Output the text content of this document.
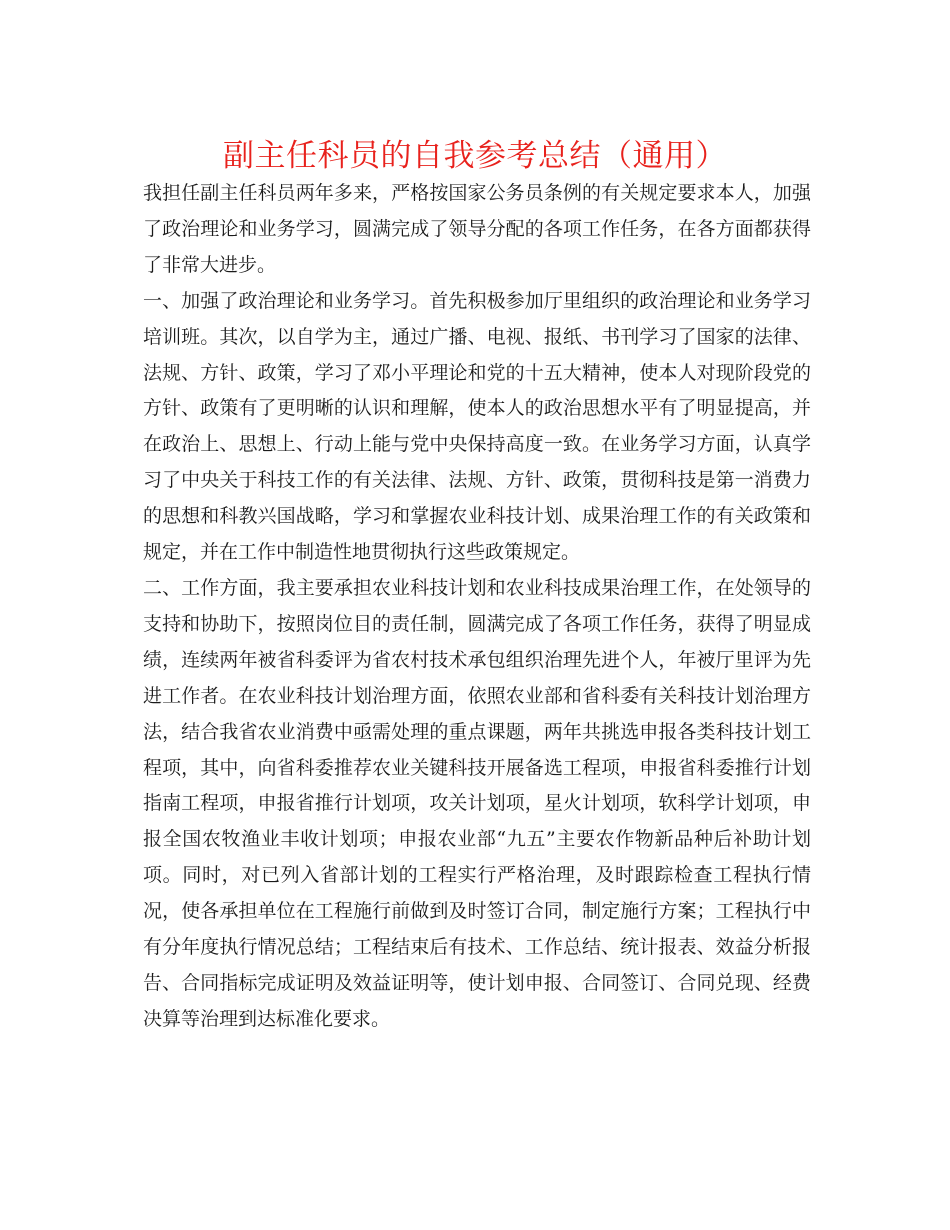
副主任科员的自我参考总结（通用）

我担任副主任科员两年多来，严格按国家公务员条例的有关规定要求本人，加强了政治理论和业务学习，圆满完成了领导分配的各项工作任务，在各方面都获得了非常大进步。

一、加强了政治理论和业务学习。首先积极参加厅里组织的政治理论和业务学习培训班。其次，以自学为主，通过广播、电视、报纸、书刊学习了国家的法律、法规、方针、政策，学习了邓小平理论和党的十五大精神，使本人对现阶段党的方针、政策有了更明晰的认识和理解，使本人的政治思想水平有了明显提高，并在政治上、思想上、行动上能与党中央保持高度一致。在业务学习方面，认真学习了中央关于科技工作的有关法律、法规、方针、政策，贯彻科技是第一消费力的思想和科教兴国战略，学习和掌握农业科技计划、成果治理工作的有关政策和规定，并在工作中制造性地贯彻执行这些政策规定。

二、工作方面，我主要承担农业科技计划和农业科技成果治理工作，在处领导的支持和协助下，按照岗位目的责任制，圆满完成了各项工作任务，获得了明显成绩，连续两年被省科委评为省农村技术承包组织治理先进个人，年被厅里评为先进工作者。在农业科技计划治理方面，依照农业部和省科委有关科技计划治理方法，结合我省农业消费中亟需处理的重点课题，两年共挑选申报各类科技计划工程项，其中，向省科委推荐农业关键科技开展备选工程项，申报省科委推行计划指南工程项，申报省推行计划项，攻关计划项，星火计划项，软科学计划项，申报全国农牧渔业丰收计划项；申报农业部“九五”主要农作物新品种后补助计划项。同时，对已列入省部计划的工程实行严格治理，及时跟踪检查工程执行情况，使各承担单位在工程施行前做到及时签订合同，制定施行方案；工程执行中有分年度执行情况总结；工程结束后有技术、工作总结、统计报表、效益分析报告、合同指标完成证明及效益证明等，使计划申报、合同签订、合同兑现、经费决算等治理到达标准化要求。
